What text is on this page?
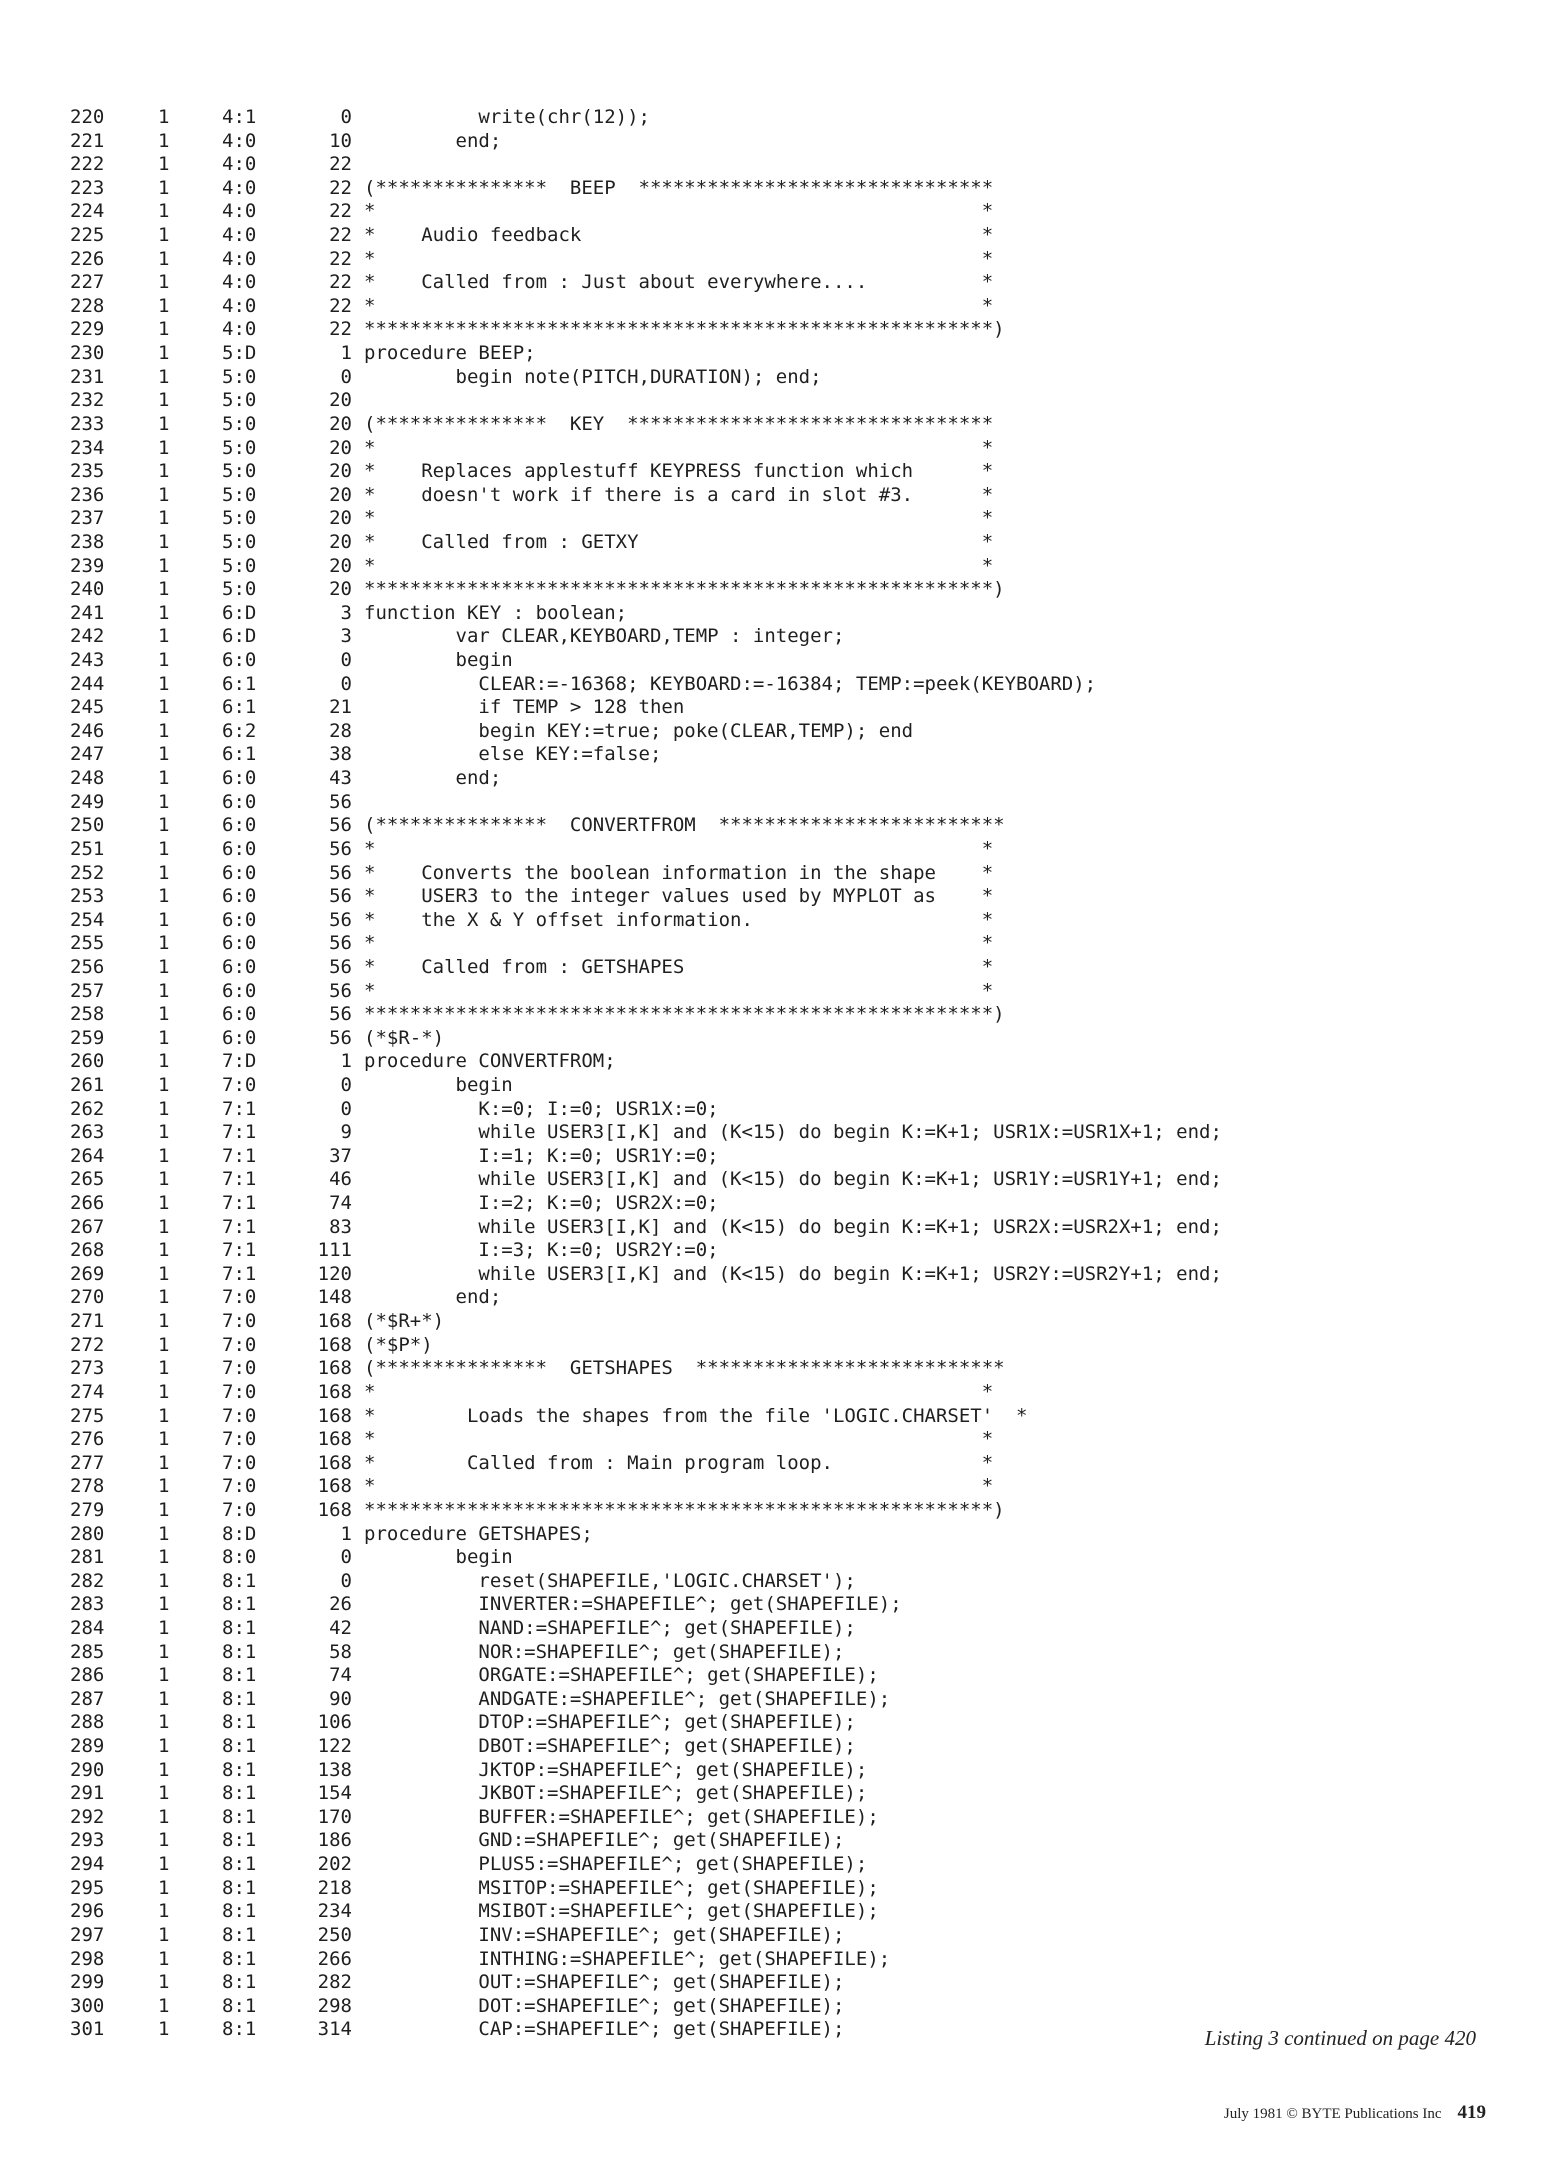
220	1	4:1	0 write(chr(12));
221	1	4:0	10 end;
222	1	4:0	22
223	1	4:0	22 (***************  BEEP  *******************************
224	1	4:0	22 *                                                     *
225	1	4:0	22 *    Audio feedback                                   *
226	1	4:0	22 *                                                     *
227	1	4:0	22 *    Called from : Just about everywhere....          *
228	1	4:0	22 *                                                     *
229	1	4:0	22 *******************************************************)
230	1	5:D	1 procedure BEEP;
231	1	5:0	0 begin note(PITCH,DURATION); end;
232	1	5:0	20
233	1	5:0	20 (***************  KEY  ********************************
234	1	5:0	20 *                                                     *
235	1	5:0	20 *    Replaces applestuff KEYPRESS function which      *
236	1	5:0	20 *    doesn't work if there is a card in slot #3.      *
237	1	5:0	20 *                                                     *
238	1	5:0	20 *    Called from : GETXY                              *
239	1	5:0	20 *                                                     *
240	1	5:0	20 *******************************************************)
241	1	6:D	3 function KEY : boolean;
242	1	6:D	3 var CLEAR,KEYBOARD,TEMP : integer;
243	1	6:0	0 begin
244	1	6:1	0 CLEAR:=-16368; KEYBOARD:=-16384; TEMP:=peek(KEYBOARD);
245	1	6:1	21 if TEMP > 128 then
246	1	6:2	28 begin KEY:=true; poke(CLEAR,TEMP); end
247	1	6:1	38 else KEY:=false;
248	1	6:0	43 end;
249	1	6:0	56
250	1	6:0	56 (***************  CONVERTFROM  *************************
251	1	6:0	56 *                                                     *
252	1	6:0	56 *    Converts the boolean information in the shape    *
253	1	6:0	56 *    USER3 to the integer values used by MYPLOT as    *
254	1	6:0	56 *    the X & Y offset information.                    *
255	1	6:0	56 *                                                     *
256	1	6:0	56 *    Called from : GETSHAPES                          *
257	1	6:0	56 *                                                     *
258	1	6:0	56 *******************************************************)
259	1	6:0	56 (*$R-*)
260	1	7:D	1 procedure CONVERTFROM;
261	1	7:0	0 begin
262	1	7:1	0 K:=0; I:=0; USR1X:=0;
263	1	7:1	9 while USER3[I,K] and (K<15) do begin K:=K+1; USR1X:=USR1X+1; end;
264	1	7:1	37 I:=1; K:=0; USR1Y:=0;
265	1	7:1	46 while USER3[I,K] and (K<15) do begin K:=K+1; USR1Y:=USR1Y+1; end;
266	1	7:1	74 I:=2; K:=0; USR2X:=0;
267	1	7:1	83 while USER3[I,K] and (K<15) do begin K:=K+1; USR2X:=USR2X+1; end;
268	1	7:1	111 I:=3; K:=0; USR2Y:=0;
269	1	7:1	120 while USER3[I,K] and (K<15) do begin K:=K+1; USR2Y:=USR2Y+1; end;
270	1	7:0	148 end;
271	1	7:0	168 (*$R+*)
272	1	7:0	168 (*$P*)
273	1	7:0	168 (***************  GETSHAPES  ***************************
274	1	7:0	168 *                                                     *
275	1	7:0	168 *        Loads the shapes from the file 'LOGIC.CHARSET'  *
276	1	7:0	168 *                                                     *
277	1	7:0	168 *        Called from : Main program loop.             *
278	1	7:0	168 *                                                     *
279	1	7:0	168 *******************************************************)
280	1	8:D	1 procedure GETSHAPES;
281	1	8:0	0 begin
282	1	8:1	0 reset(SHAPEFILE,'LOGIC.CHARSET');
283	1	8:1	26 INVERTER:=SHAPEFILE^; get(SHAPEFILE);
284	1	8:1	42 NAND:=SHAPEFILE^; get(SHAPEFILE);
285	1	8:1	58 NOR:=SHAPEFILE^; get(SHAPEFILE);
286	1	8:1	74 ORGATE:=SHAPEFILE^; get(SHAPEFILE);
287	1	8:1	90 ANDGATE:=SHAPEFILE^; get(SHAPEFILE);
288	1	8:1	106 DTOP:=SHAPEFILE^; get(SHAPEFILE);
289	1	8:1	122 DBOT:=SHAPEFILE^; get(SHAPEFILE);
290	1	8:1	138 JKTOP:=SHAPEFILE^; get(SHAPEFILE);
291	1	8:1	154 JKBOT:=SHAPEFILE^; get(SHAPEFILE);
292	1	8:1	170 BUFFER:=SHAPEFILE^; get(SHAPEFILE);
293	1	8:1	186 GND:=SHAPEFILE^; get(SHAPEFILE);
294	1	8:1	202 PLUS5:=SHAPEFILE^; get(SHAPEFILE);
295	1	8:1	218 MSITOP:=SHAPEFILE^; get(SHAPEFILE);
296	1	8:1	234 MSIBOT:=SHAPEFILE^; get(SHAPEFILE);
297	1	8:1	250 INV:=SHAPEFILE^; get(SHAPEFILE);
298	1	8:1	266 INTHING:=SHAPEFILE^; get(SHAPEFILE);
299	1	8:1	282 OUT:=SHAPEFILE^; get(SHAPEFILE);
300	1	8:1	298 DOT:=SHAPEFILE^; get(SHAPEFILE);
301	1	8:1	314 CAP:=SHAPEFILE^; get(SHAPEFILE);	Listing 3 continued on page 420
July 1981 © BYTE Publications Inc 419
